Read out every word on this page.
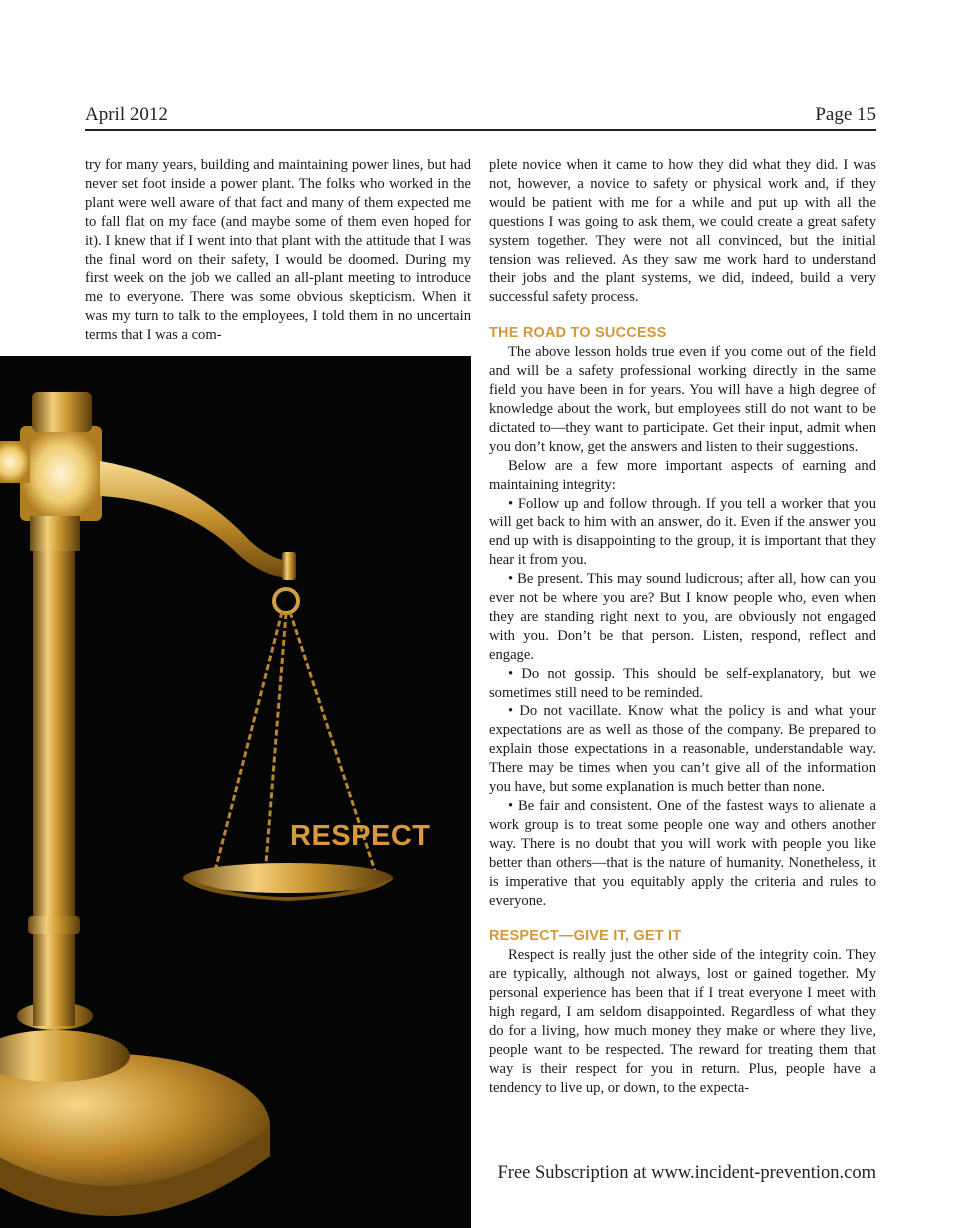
April 2012	Page 15

try for many years, building and maintaining power lines, but had never set foot inside a power plant. The folks who worked in the plant were well aware of that fact and many of them expected me to fall flat on my face (and maybe some of them even hoped for it). I knew that if I went into that plant with the attitude that I was the final word on their safety, I would be doomed. During my first week on the job we called an all-plant meeting to introduce me to everyone. There was some obvious skepticism. When it was my turn to talk to the employees, I told them in no uncertain terms that I was a com-

RESPECT

plete novice when it came to how they did what they did. I was not, however, a novice to safety or physical work and, if they would be patient with me for a while and put up with all the questions I was going to ask them, we could create a great safety system together. They were not all convinced, but the initial tension was relieved. As they saw me work hard to understand their jobs and the plant systems, we did, indeed, build a very successful safety process.

THE ROAD TO SUCCESS

The above lesson holds true even if you come out of the field and will be a safety professional working directly in the same field you have been in for years. You will have a high degree of knowledge about the work, but employees still do not want to be dictated to—they want to participate. Get their input, admit when you don’t know, get the answers and listen to their suggestions.

Below are a few more important aspects of earning and maintaining integrity:

• Follow up and follow through. If you tell a worker that you will get back to him with an answer, do it. Even if the answer you end up with is disappointing to the group, it is important that they hear it from you.

• Be present. This may sound ludicrous; after all, how can you ever not be where you are? But I know people who, even when they are standing right next to you, are obviously not engaged with you. Don’t be that person. Listen, respond, reflect and engage.

• Do not gossip. This should be self-explanatory, but we sometimes still need to be reminded.

• Do not vacillate. Know what the policy is and what your expectations are as well as those of the company. Be prepared to explain those expectations in a reasonable, understandable way. There may be times when you can’t give all of the information you have, but some explanation is much better than none.

• Be fair and consistent. One of the fastest ways to alienate a work group is to treat some people one way and others another way. There is no doubt that you will work with people you like better than others—that is the nature of humanity. Nonetheless, it is imperative that you equitably apply the criteria and rules to everyone.

RESPECT—GIVE IT, GET IT

Respect is really just the other side of the integrity coin. They are typically, although not always, lost or gained together. My personal experience has been that if I treat everyone I meet with high regard, I am seldom disappointed. Regardless of what they do for a living, how much money they make or where they live, people want to be respected. The reward for treating them that way is their respect for you in return. Plus, people have a tendency to live up, or down, to the expecta-

Free Subscription at www.incident-prevention.com
